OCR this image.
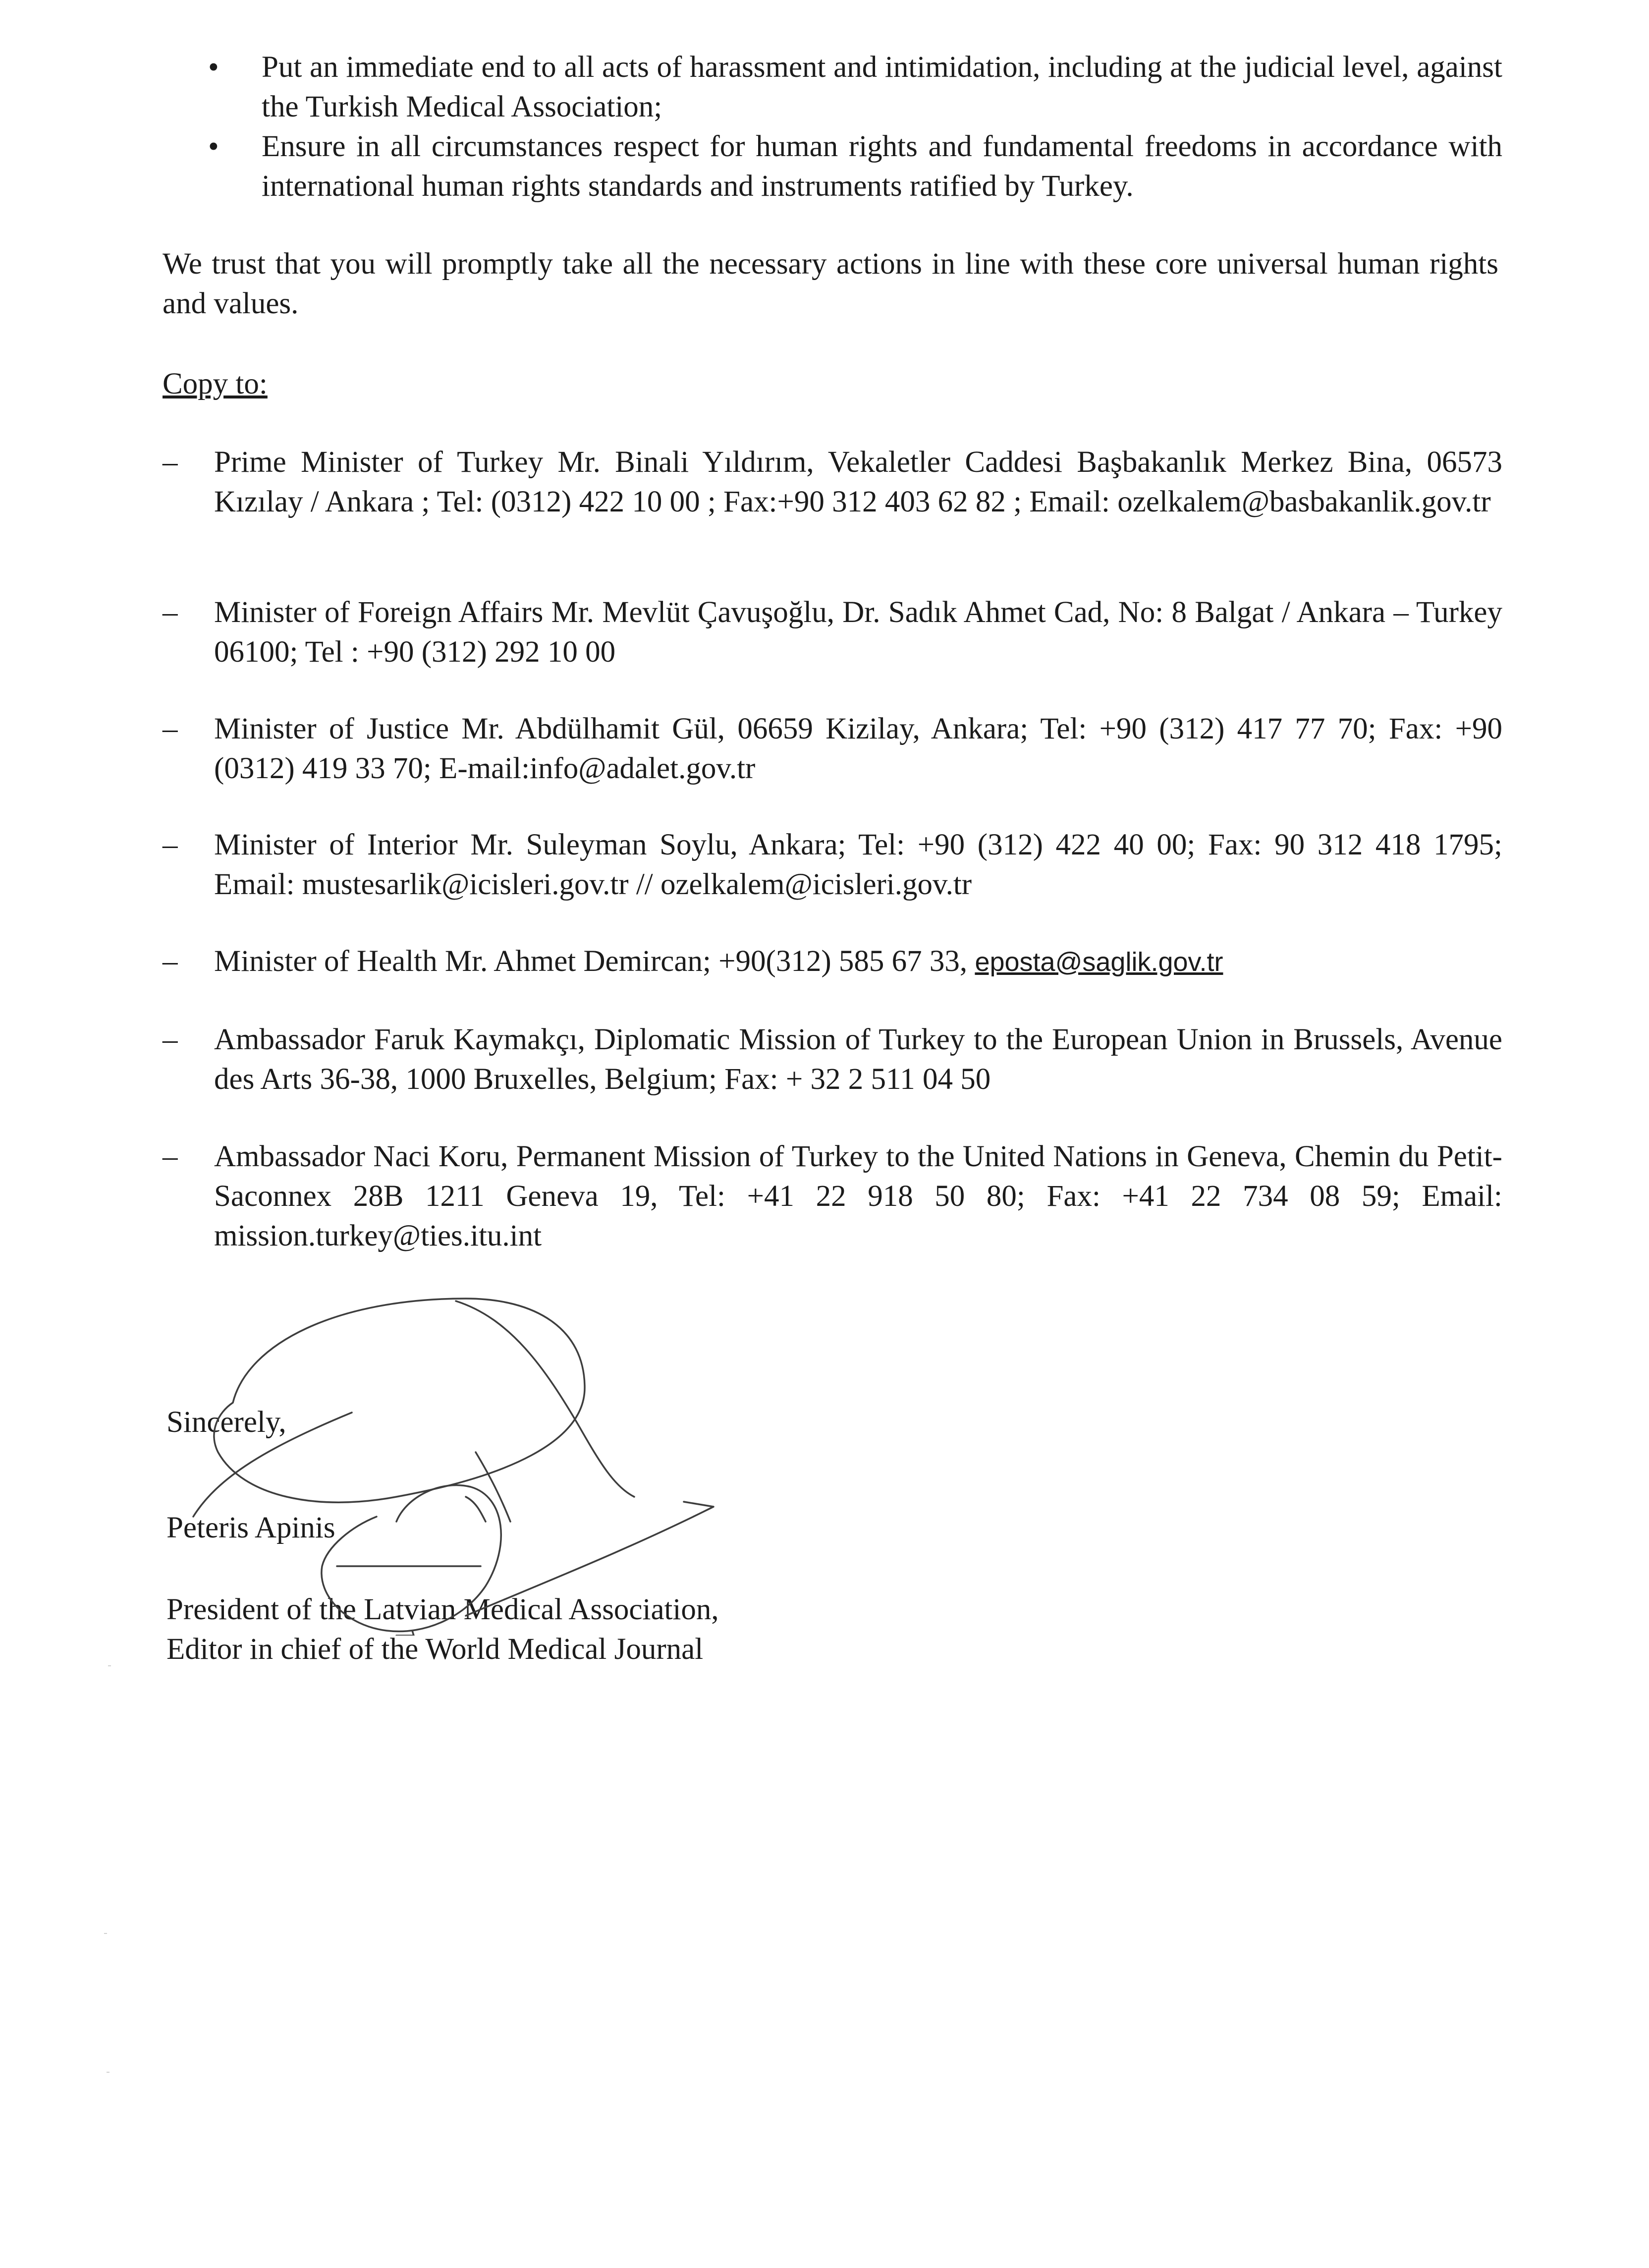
• Put an immediate end to all acts of harassment and intimidation, including at the judicial level, against the Turkish Medical Association;
• Ensure in all circumstances respect for human rights and fundamental freedoms in accordance with international human rights standards and instruments ratified by Turkey.

We trust that you will promptly take all the necessary actions in line with these core universal human rights and values.

Copy to:

– Prime Minister of Turkey Mr. Binali Yıldırım, Vekaletler Caddesi Başbakanlık Merkez Bina, 06573 Kızılay / Ankara ; Tel: (0312) 422 10 00 ; Fax:+90 312 403 62 82 ; Email: ozelkalem@basbakanlik.gov.tr
– Minister of Foreign Affairs Mr. Mevlüt Çavuşoğlu, Dr. Sadık Ahmet Cad, No: 8 Balgat / Ankara – Turkey 06100; Tel : +90 (312) 292 10 00
– Minister of Justice Mr. Abdülhamit Gül, 06659 Kizilay, Ankara; Tel: +90 (312) 417 77 70; Fax: +90 (0312) 419 33 70; E-mail:info@adalet.gov.tr
– Minister of Interior Mr. Suleyman Soylu, Ankara; Tel: +90 (312) 422 40 00; Fax: 90 312 418 1795; Email: mustesarlik@icisleri.gov.tr // ozelkalem@icisleri.gov.tr
– Minister of Health Mr. Ahmet Demircan; +90(312) 585 67 33, eposta@saglik.gov.tr
– Ambassador Faruk Kaymakçı, Diplomatic Mission of Turkey to the European Union in Brussels, Avenue des Arts 36-38, 1000 Bruxelles, Belgium; Fax: + 32 2 511 04 50
– Ambassador Naci Koru, Permanent Mission of Turkey to the United Nations in Geneva, Chemin du Petit-Saconnex 28B 1211 Geneva 19, Tel: +41 22 918 50 80; Fax: +41 22 734 08 59; Email: mission.turkey@ties.itu.int

Sincerely,

Peteris Apinis

President of the Latvian Medical Association,

Editor in chief of the World Medical Journal
